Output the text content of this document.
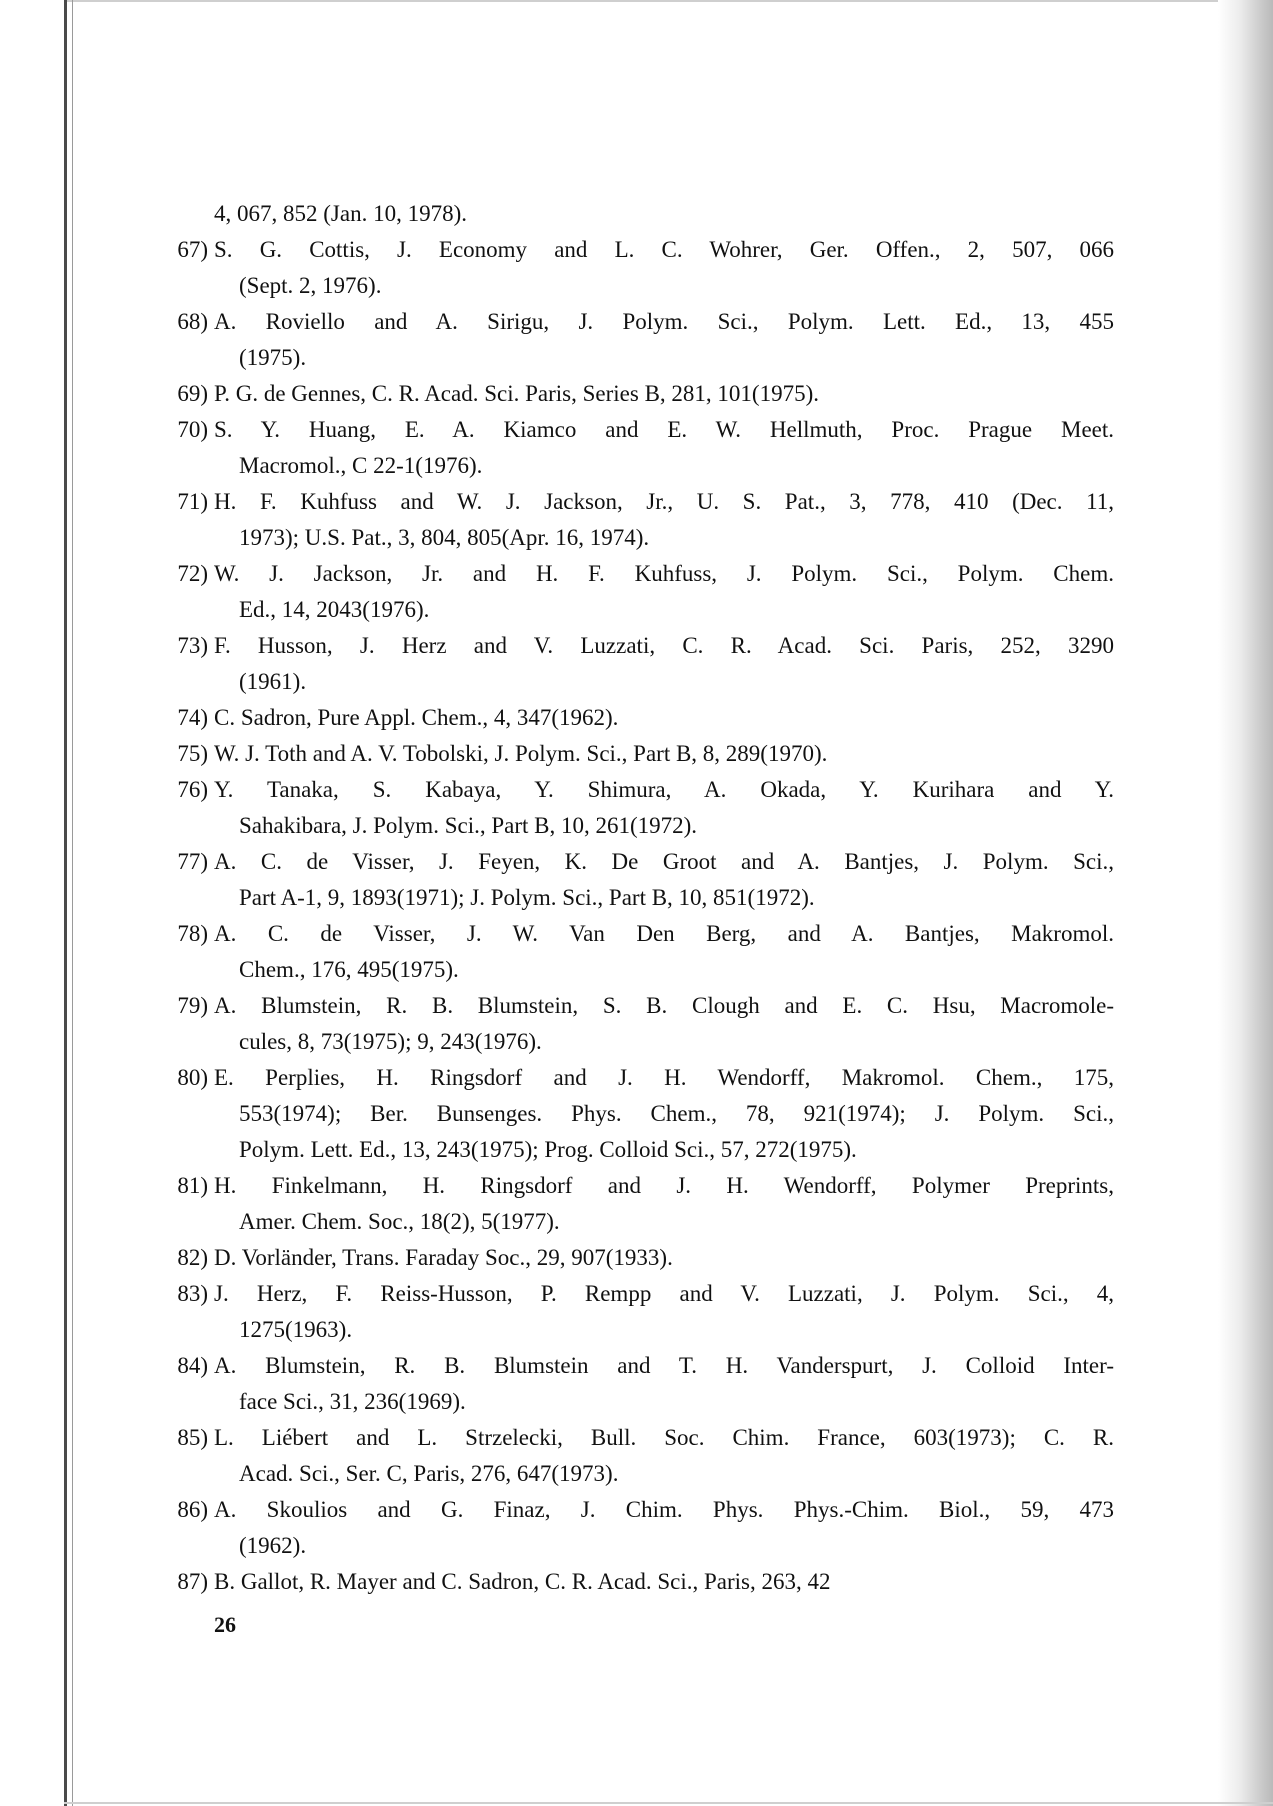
4, 067, 852 (Jan. 10, 1978).
67) S. G. Cottis, J. Economy and L. C. Wohrer, Ger. Offen., 2, 507, 066
(Sept. 2, 1976).
68) A. Roviello and A. Sirigu, J. Polym. Sci., Polym. Lett. Ed., 13, 455
(1975).
69) P. G. de Gennes, C. R. Acad. Sci. Paris, Series B, 281, 101(1975).
70) S. Y. Huang, E. A. Kiamco and E. W. Hellmuth, Proc. Prague Meet.
Macromol., C 22-1(1976).
71) H. F. Kuhfuss and W. J. Jackson, Jr., U. S. Pat., 3, 778, 410 (Dec. 11,
1973); U.S. Pat., 3, 804, 805(Apr. 16, 1974).
72) W. J. Jackson, Jr. and H. F. Kuhfuss, J. Polym. Sci., Polym. Chem.
Ed., 14, 2043(1976).
73) F. Husson, J. Herz and V. Luzzati, C. R. Acad. Sci. Paris, 252, 3290
(1961).
74) C. Sadron, Pure Appl. Chem., 4, 347(1962).
75) W. J. Toth and A. V. Tobolski, J. Polym. Sci., Part B, 8, 289(1970).
76) Y. Tanaka, S. Kabaya, Y. Shimura, A. Okada, Y. Kurihara and Y.
Sahakibara, J. Polym. Sci., Part B, 10, 261(1972).
77) A. C. de Visser, J. Feyen, K. De Groot and A. Bantjes, J. Polym. Sci.,
Part A-1, 9, 1893(1971); J. Polym. Sci., Part B, 10, 851(1972).
78) A. C. de Visser, J. W. Van Den Berg, and A. Bantjes, Makromol.
Chem., 176, 495(1975).
79) A. Blumstein, R. B. Blumstein, S. B. Clough and E. C. Hsu, Macromole-
cules, 8, 73(1975); 9, 243(1976).
80) E. Perplies, H. Ringsdorf and J. H. Wendorff, Makromol. Chem., 175,
553(1974); Ber. Bunsenges. Phys. Chem., 78, 921(1974); J. Polym. Sci.,
Polym. Lett. Ed., 13, 243(1975); Prog. Colloid Sci., 57, 272(1975).
81) H. Finkelmann, H. Ringsdorf and J. H. Wendorff, Polymer Preprints,
Amer. Chem. Soc., 18(2), 5(1977).
82) D. Vorländer, Trans. Faraday Soc., 29, 907(1933).
83) J. Herz, F. Reiss-Husson, P. Rempp and V. Luzzati, J. Polym. Sci., 4,
1275(1963).
84) A. Blumstein, R. B. Blumstein and T. H. Vanderspurt, J. Colloid Inter-
face Sci., 31, 236(1969).
85) L. Liébert and L. Strzelecki, Bull. Soc. Chim. France, 603(1973); C. R.
Acad. Sci., Ser. C, Paris, 276, 647(1973).
86) A. Skoulios and G. Finaz, J. Chim. Phys. Phys.-Chim. Biol., 59, 473
(1962).
87) B. Gallot, R. Mayer and C. Sadron, C. R. Acad. Sci., Paris, 263, 42
26
